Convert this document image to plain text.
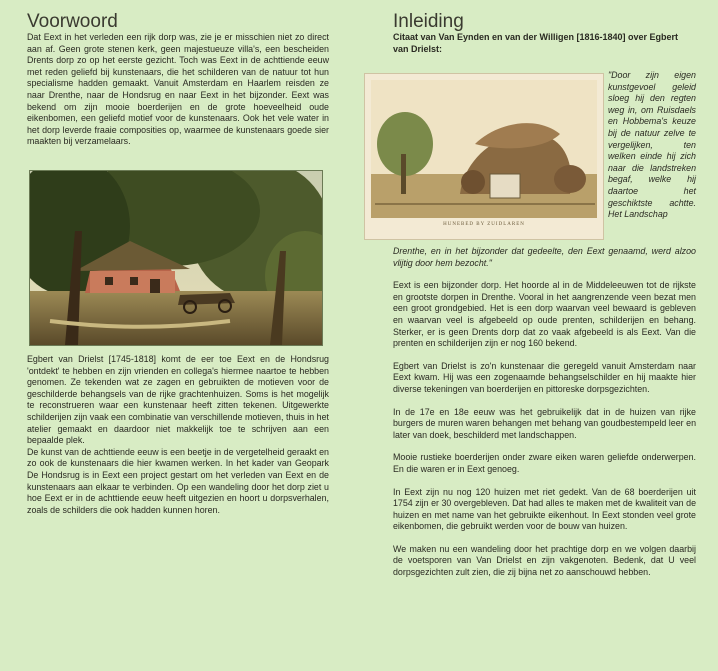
Voorwoord

Dat Eext in het verleden een rijk dorp was, zie je er misschien niet zo direct aan af. Geen grote stenen kerk, geen majestueuze villa's, een bescheiden Drents dorp zo op het eerste gezicht. Toch was Eext in de achttiende eeuw met reden geliefd bij kunstenaars, die het schilderen van de natuur tot hun specialisme hadden gemaakt. Vanuit Amsterdam en Haarlem reisden ze naar Drenthe, naar de Hondsrug en naar Eext in het bijzonder. Eext was bekend om zijn mooie boerderijen en de grote hoeveelheid oude eikenbomen, een geliefd motief voor de kunstenaars. Ook het vele water in het dorp leverde fraaie composities op, waarmee de kunstenaars goede sier maakten bij verzamelaars.

Egbert van Drielst [1745-1818] komt de eer toe Eext en de Hondsrug 'ontdekt' te hebben en zijn vrienden en collega's hiermee naartoe te hebben genomen. Ze tekenden wat ze zagen en gebruikten de motieven voor de geschilderde behangsels van de rijke grachtenhuizen. Soms is het mogelijk te reconstrueren waar een kunstenaar heeft zitten tekenen. Uitgewerkte schilderijen zijn vaak een combinatie van verschillende motieven, thuis in het atelier gemaakt en daardoor niet makkelijk toe te schrijven aan een bepaalde plek.

De kunst van de achttiende eeuw is een beetje in de vergetelheid geraakt en zo ook de kunstenaars die hier kwamen werken. In het kader van Geopark De Hondsrug is in Eext een project gestart om het verleden van Eext en de kunstenaars aan elkaar te verbinden. Op een wandeling door het dorp ziet u hoe Eext er in de achttiende eeuw heeft uitgezien en hoort u dorpsverhalen, zoals de schilders die ook hadden kunnen horen.

Inleiding

Citaat van Van Eynden en van der Willigen [1816-1840] over Egbert van Drielst:

HUNEBED BY ZUIDLAREN
"Door zijn eigen kunstgevoel geleid sloeg hij den regten weg in, om Ruisdaels en Hobbema's keuze bij de natuur zelve te vergelijken, ten welken einde hij zich naar die landstreken begaf, welke hij daartoe het geschiktste achtte. Het Landschap

Drenthe, en in het bijzonder dat gedeelte, den Eext genaamd, werd alzoo vlijtig door hem bezocht."

Eext is een bijzonder dorp. Het hoorde al in de Middeleeuwen tot de rijkste en grootste dorpen in Drenthe. Vooral in het aangrenzende veen bezat men een groot grondgebied. Het is een dorp waarvan veel bewaard is gebleven en waarvan veel is afgebeeld op oude prenten, schilderijen en behang. Sterker, er is geen Drents dorp dat zo vaak afgebeeld is als Eext. Van die prenten en schilderijen zijn er nog 160 bekend.

Egbert van Drielst is zo'n kunstenaar die geregeld vanuit Amsterdam naar Eext kwam. Hij was een zogenaamde behangselschilder en hij maakte hier diverse tekeningen van boerderijen en pittoreske dorpsgezichten.

In de 17e en 18e eeuw was het gebruikelijk dat in de huizen van rijke burgers de muren waren behangen met behang van goudbestempeld leer en later van doek, beschilderd met landschappen.

Mooie rustieke boerderijen onder zware eiken waren geliefde onderwerpen. En die waren er in Eext genoeg.

In Eext zijn nu nog 120 huizen met riet gedekt. Van de 68 boerderijen uit 1754 zijn er 30 overgebleven. Dat had alles te maken met de kwaliteit van de huizen en met name van het gebruikte eikenhout. In Eext stonden veel grote eikenbomen, die gebruikt werden voor de bouw van huizen.

We maken nu een wandeling door het prachtige dorp en we volgen daarbij de voetsporen van Van Drielst en zijn vakgenoten. Bedenk, dat U veel dorpsgezichten zult zien, die zij bijna net zo aanschouwd hebben.
